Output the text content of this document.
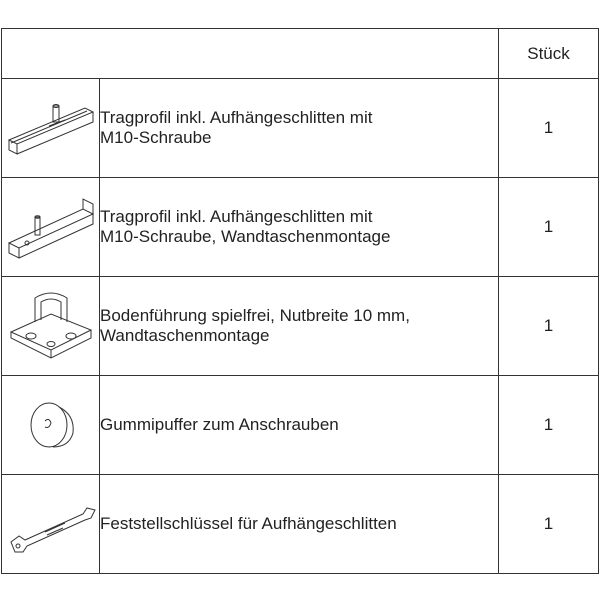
		Stück

Tragprofil inkl. Aufhängeschlitten mit
M10-Schraube	1

Tragprofil inkl. Aufhängeschlitten mit
M10-Schraube, Wandtaschenmontage	1

Bodenführung spielfrei, Nutbreite 10 mm,
Wandtaschenmontage	1

Gummipuffer zum Anschrauben	1

Feststellschlüssel für Aufhängeschlitten	1
